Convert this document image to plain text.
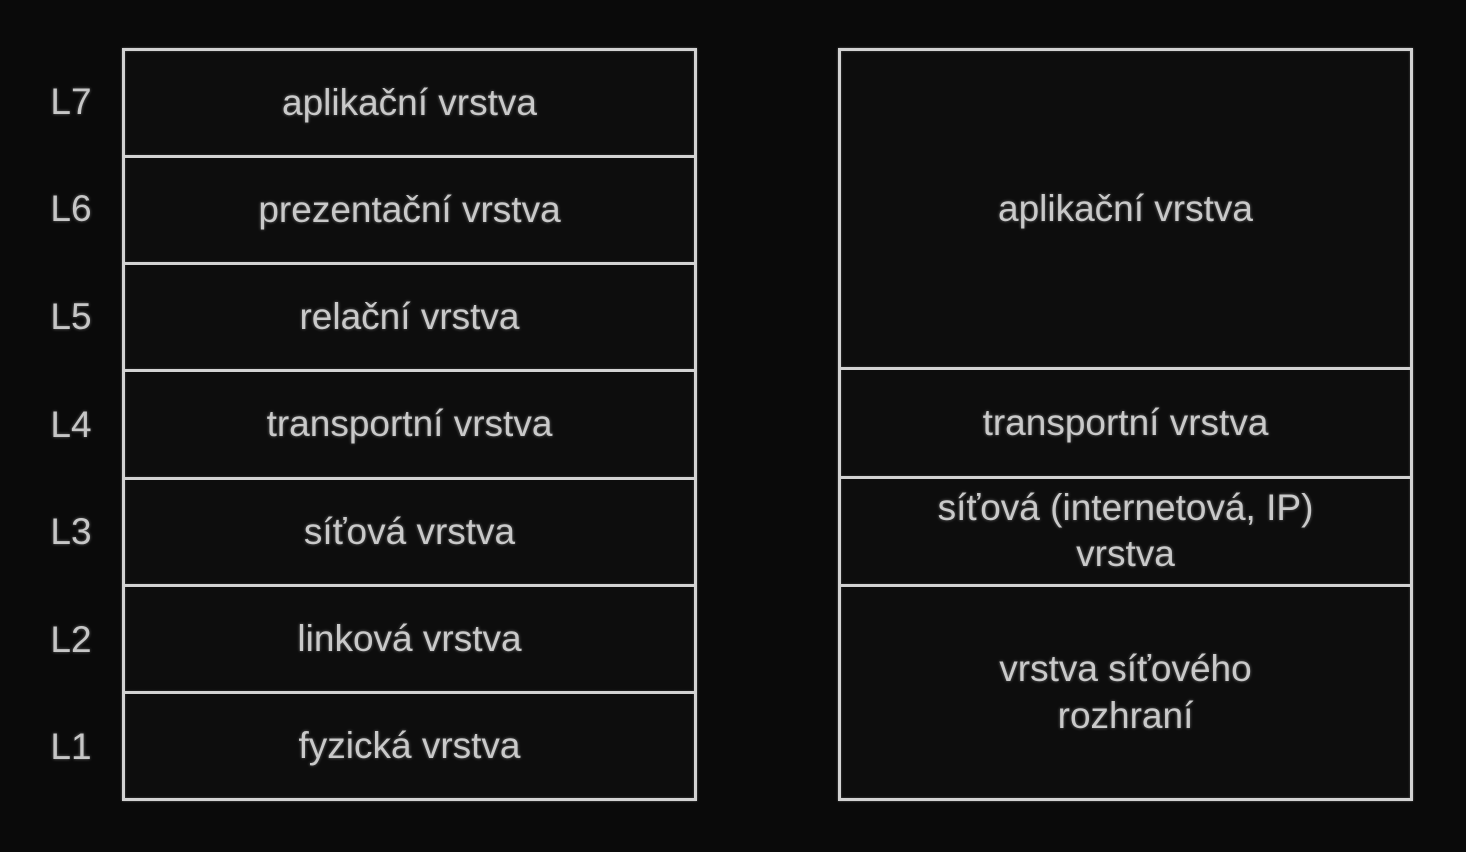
L7
L6
L5
L4
L3
L2
L1
aplikační vrstva
prezentační vrstva
relační vrstva
transportní vrstva
síťová vrstva
linková vrstva
fyzická vrstva
aplikační vrstva
transportní vrstva
síťová (internetová, IP) vrstva
vrstva síťového rozhraní
